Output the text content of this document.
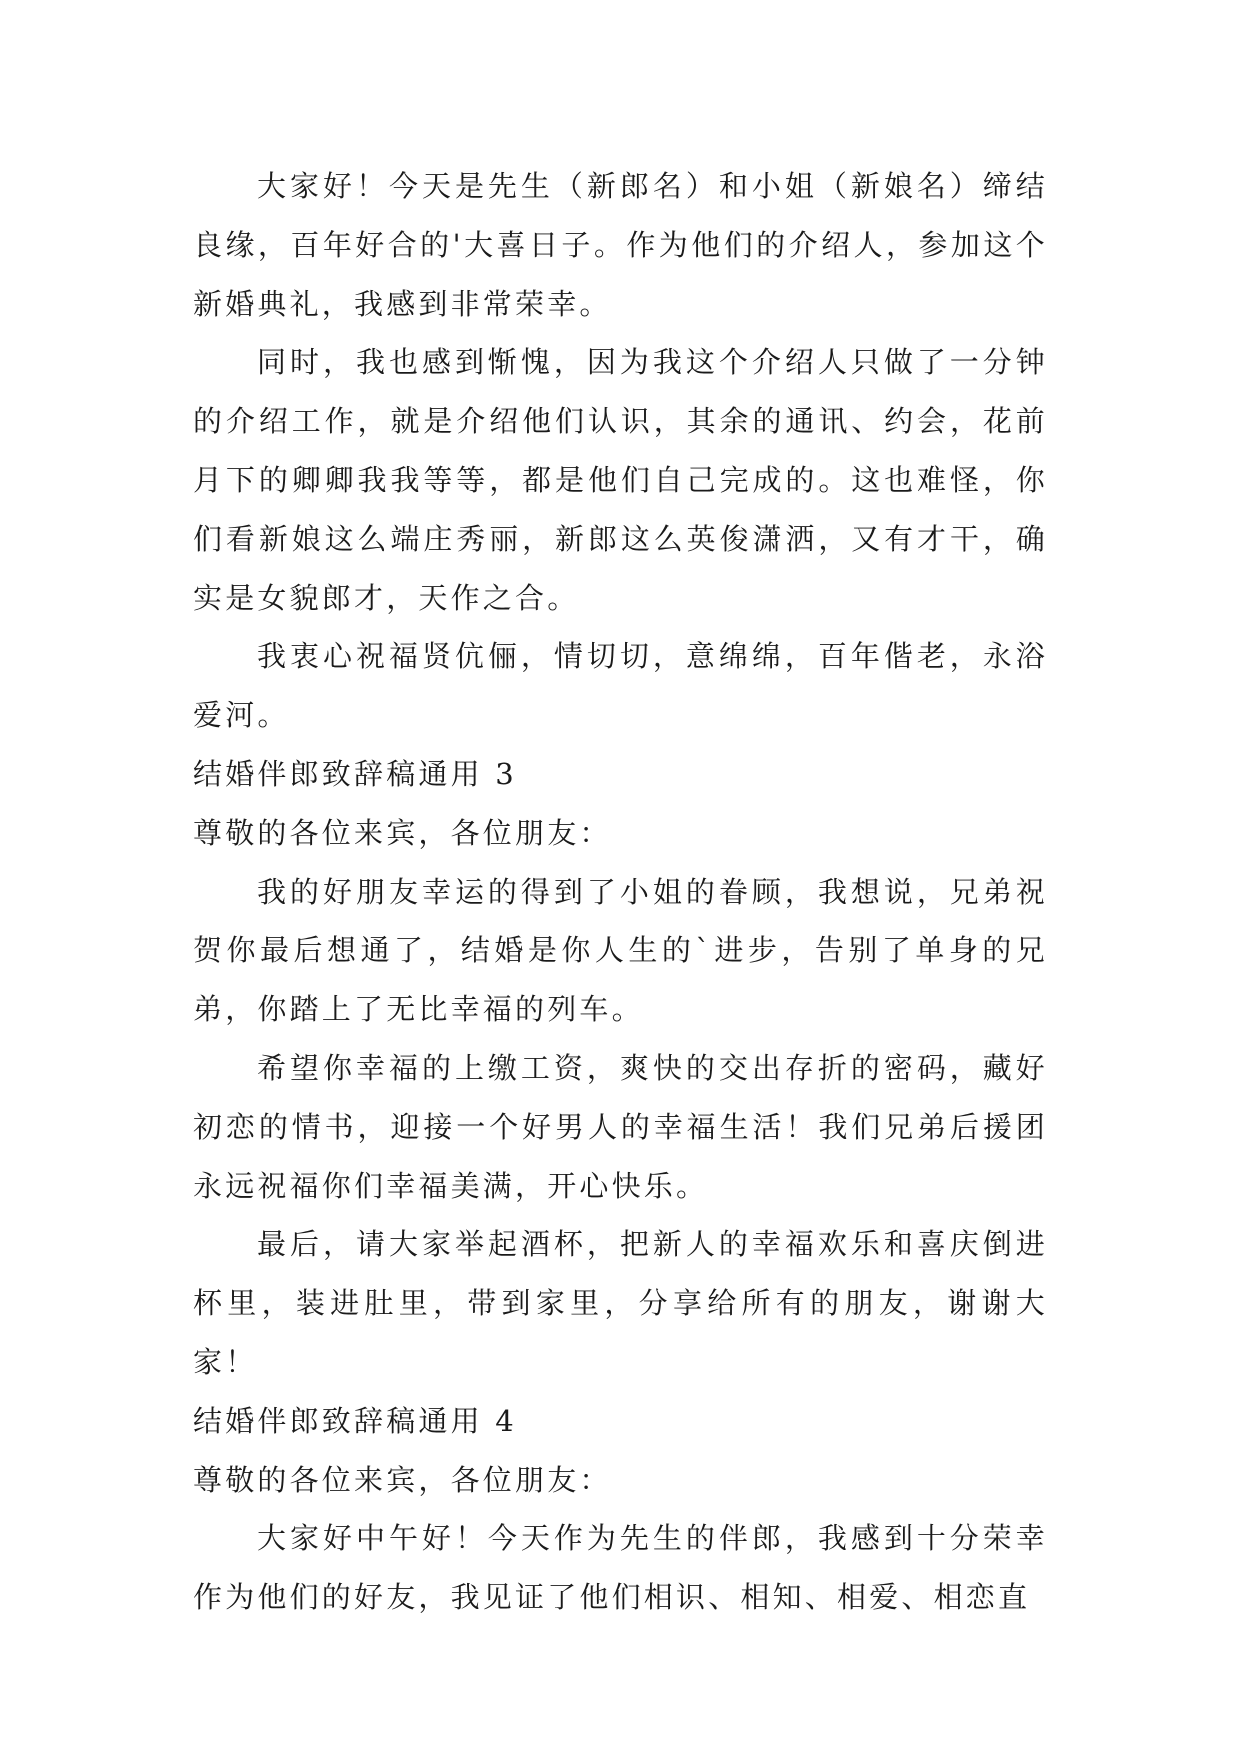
大家好！今天是先生（新郎名）和小姐（新娘名）缔结良缘，百年好合的'大喜日子。作为他们的介绍人，参加这个新婚典礼，我感到非常荣幸。

同时，我也感到惭愧，因为我这个介绍人只做了一分钟的介绍工作，就是介绍他们认识，其余的通讯、约会，花前月下的卿卿我我等等，都是他们自己完成的。这也难怪，你们看新娘这么端庄秀丽，新郎这么英俊潇洒，又有才干，确实是女貌郎才，天作之合。

我衷心祝福贤伉俪，情切切，意绵绵，百年偕老，永浴爱河。

结婚伴郎致辞稿通用 3

尊敬的各位来宾，各位朋友：

我的好朋友幸运的得到了小姐的眷顾，我想说，兄弟祝贺你最后想通了，结婚是你人生的`进步，告别了单身的兄弟，你踏上了无比幸福的列车。

希望你幸福的上缴工资，爽快的交出存折的密码，藏好初恋的情书，迎接一个好男人的幸福生活！我们兄弟后援团永远祝福你们幸福美满，开心快乐。

最后，请大家举起酒杯，把新人的幸福欢乐和喜庆倒进杯里，装进肚里，带到家里，分享给所有的朋友，谢谢大家！

结婚伴郎致辞稿通用 4

尊敬的各位来宾，各位朋友：

大家好中午好！今天作为先生的伴郎，我感到十分荣幸作为他们的好友，我见证了他们相识、相知、相爱、相恋直
